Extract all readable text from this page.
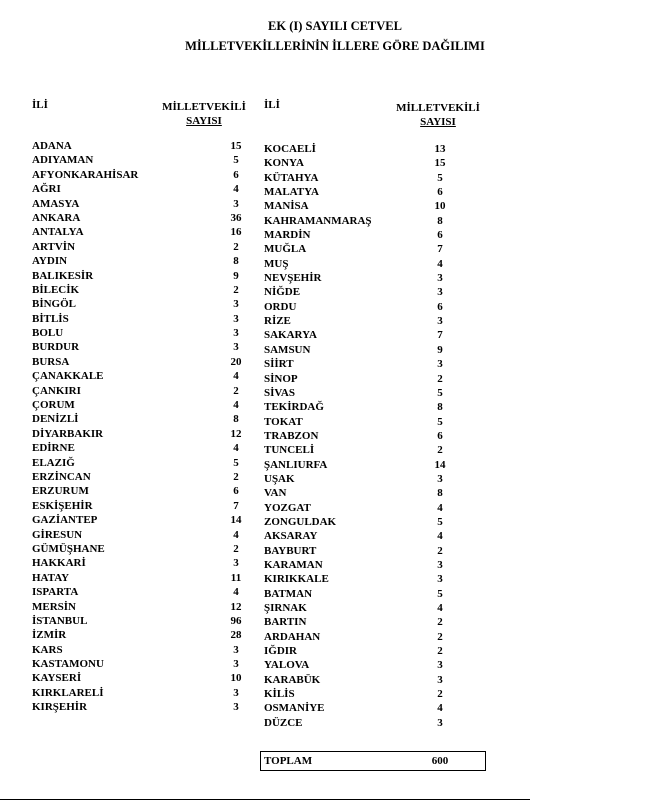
EK (I) SAYILI CETVEL
MİLLETVEKİLLERİNİN İLLERE GÖRE DAĞILIMI
İLİ	MİLLETVEKİLİ
SAYISI
İLİ	MİLLETVEKİLİ
SAYISI
ADANA	15
ADIYAMAN	5
AFYONKARAHİSAR	6
AĞRI	4
AMASYA	3
ANKARA	36
ANTALYA	16
ARTVİN	2
AYDIN	8
BALIKESİR	9
BİLECİK	2
BİNGÖL	3
BİTLİS	3
BOLU	3
BURDUR	3
BURSA	20
ÇANAKKALE	4
ÇANKIRI	2
ÇORUM	4
DENİZLİ	8
DİYARBAKIR	12
EDİRNE	4
ELAZIĞ	5
ERZİNCAN	2
ERZURUM	6
ESKİŞEHİR	7
GAZİANTEP	14
GİRESUN	4
GÜMÜŞHANE	2
HAKKARİ	3
HATAY	11
ISPARTA	4
MERSİN	12
İSTANBUL	96
İZMİR	28
KARS	3
KASTAMONU	3
KAYSERİ	10
KIRKLARELİ	3
KIRŞEHİR	3
KOCAELİ	13
KONYA	15
KÜTAHYA	5
MALATYA	6
MANİSA	10
KAHRAMANMARAŞ	8
MARDİN	6
MUĞLA	7
MUŞ	4
NEVŞEHİR	3
NİĞDE	3
ORDU	6
RİZE	3
SAKARYA	7
SAMSUN	9
SİİRT	3
SİNOP	2
SİVAS	5
TEKİRDAĞ	8
TOKAT	5
TRABZON	6
TUNCELİ	2
ŞANLIURFA	14
UŞAK	3
VAN	8
YOZGAT	4
ZONGULDAK	5
AKSARAY	4
BAYBURT	2
KARAMAN	3
KIRIKKALE	3
BATMAN	5
ŞIRNAK	4
BARTIN	2
ARDAHAN	2
IĞDIR	2
YALOVA	3
KARABÜK	3
KİLİS	2
OSMANİYE	4
DÜZCE	3
TOPLAM	600
